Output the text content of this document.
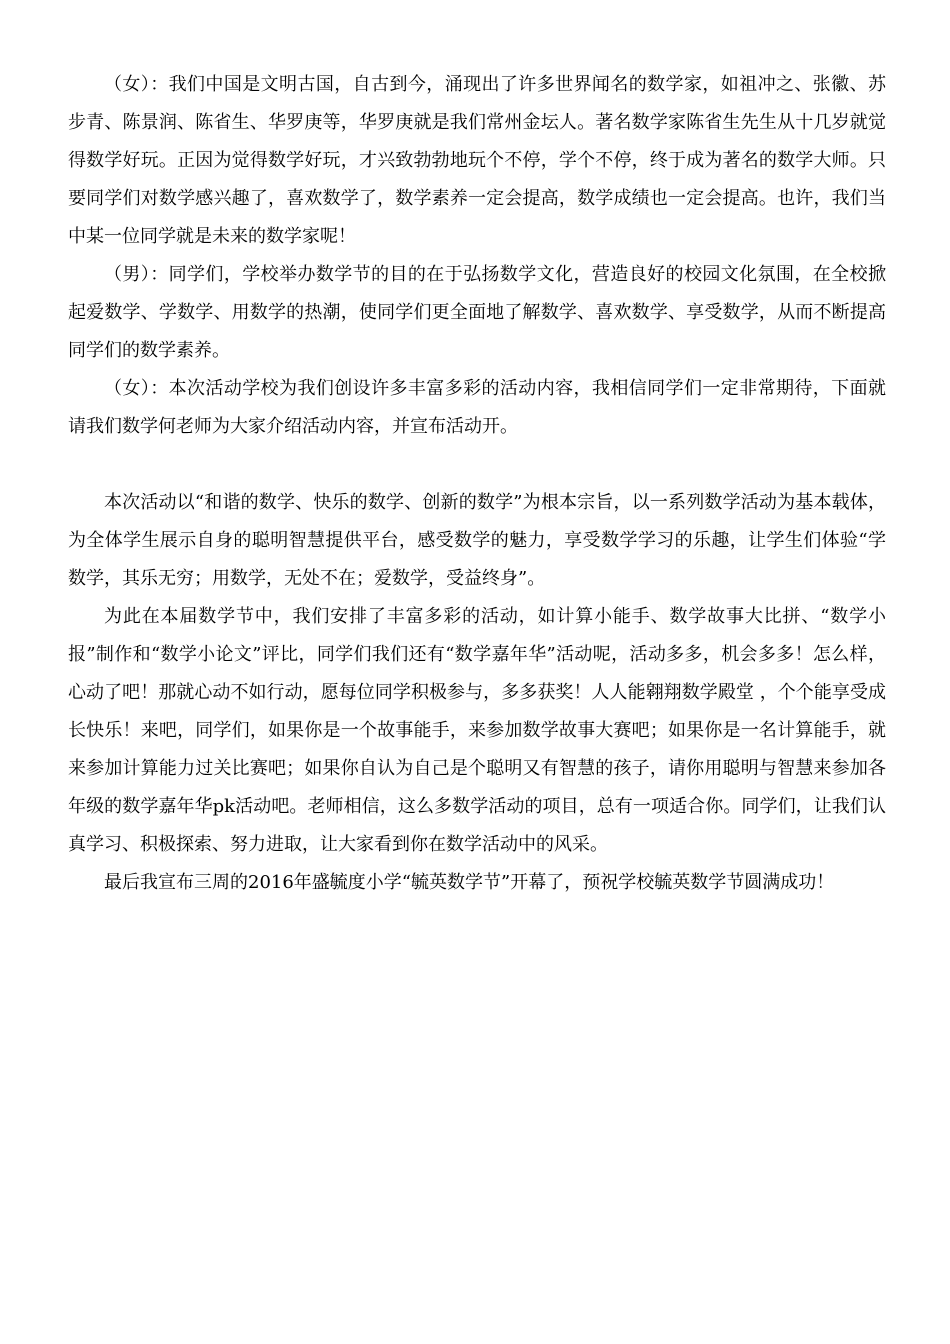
（女）：我们中国是文明古国，自古到今，涌现出了许多世界闻名的数学家，如祖冲之、张徽、苏步青、陈景润、陈省生、华罗庚等，华罗庚就是我们常州金坛人。著名数学家陈省生先生从十几岁就觉得数学好玩。正因为觉得数学好玩，才兴致勃勃地玩个不停，学个不停，终于成为著名的数学大师。只要同学们对数学感兴趣了，喜欢数学了，数学素养一定会提高，数学成绩也一定会提高。也许，我们当中某一位同学就是未来的数学家呢！

（男）：同学们，学校举办数学节的目的在于弘扬数学文化，营造良好的校园文化氛围，在全校掀起爱数学、学数学、用数学的热潮，使同学们更全面地了解数学、喜欢数学、享受数学，从而不断提高同学们的数学素养。

（女）：本次活动学校为我们创设许多丰富多彩的活动内容，我相信同学们一定非常期待，下面就请我们数学何老师为大家介绍活动内容，并宣布活动开。

本次活动以“和谐的数学、快乐的数学、创新的数学”为根本宗旨，以一系列数学活动为基本载体，为全体学生展示自身的聪明智慧提供平台，感受数学的魅力，享受数学学习的乐趣，让学生们体验“学数学，其乐无穷；用数学，无处不在；爱数学，受益终身”。

为此在本届数学节中，我们安排了丰富多彩的活动，如计算小能手、数学故事大比拼、“数学小报”制作和“数学小论文”评比，同学们我们还有“数学嘉年华”活动呢，活动多多，机会多多！怎么样，心动了吧！那就心动不如行动，愿每位同学积极参与，多多获奖！人人能翱翔数学殿堂 ，个个能享受成长快乐！来吧，同学们，如果你是一个故事能手，来参加数学故事大赛吧；如果你是一名计算能手，就来参加计算能力过关比赛吧；如果你自认为自己是个聪明又有智慧的孩子，请你用聪明与智慧来参加各年级的数学嘉年华pk活动吧。老师相信，这么多数学活动的项目，总有一项适合你。同学们，让我们认真学习、积极探索、努力进取，让大家看到你在数学活动中的风采。

最后我宣布三周的2016年盛毓度小学“毓英数学节”开幕了，预祝学校毓英数学节圆满成功！
